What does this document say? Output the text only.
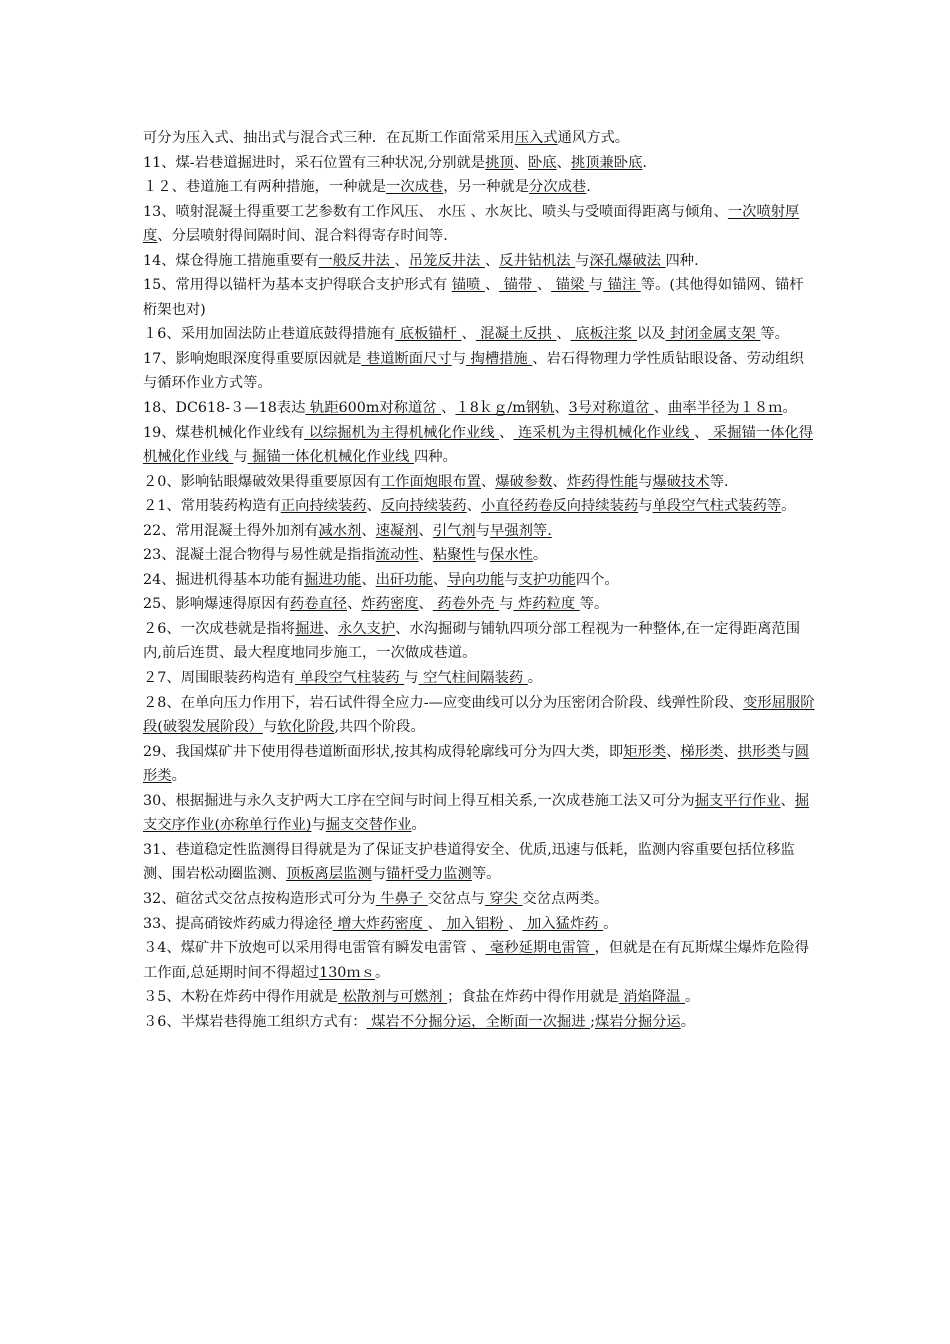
可分为压入式、抽出式与混合式三种．在瓦斯工作面常采用压入式通风方式。

11、煤-岩巷道掘进时，采石位置有三种状况,分别就是挑顶、卧底、挑顶兼卧底.

１２、巷道施工有两种措施，一种就是一次成巷，另一种就是分次成巷.

13、喷射混凝土得重要工艺参数有工作风压、 水压 、水灰比、喷头与受喷面得距离与倾角、一次喷射厚度、分层喷射得间隔时间、混合料得寄存时间等.

14、煤仓得施工措施重要有一般反井法 、吊笼反井法 、反井钻机法 与深孔爆破法 四种.

15、常用得以锚杆为基本支护得联合支护形式有 锚喷 、 锚带 、 锚梁 与 锚注 等。(其他得如锚网、锚杆桁架也对)

１6、采用加固法防止巷道底鼓得措施有 底板锚杆 、 混凝土反拱 、 底板注浆 以及 封闭金属支架 等。

17、影响炮眼深度得重要原因就是 巷道断面尺寸与 掏槽措施 、岩石得物理力学性质钻眼设备、劳动组织与循环作业方式等。

18、DC618-３—18表达 轨距600m对称道岔 、１8ｋｇ/m钢轨、3号对称道岔 、曲率半径为１８ｍ。

19、煤巷机械化作业线有 以综掘机为主得机械化作业线 、 连采机为主得机械化作业线 、 采掘锚一体化得机械化作业线 与 掘锚一体化机械化作业线 四种。

２0、影响钻眼爆破效果得重要原因有工作面炮眼布置、爆破参数、炸药得性能与爆破技术等.

２1、常用装药构造有正向持续装药、反向持续装药、小直径药卷反向持续装药与单段空气柱式装药等。

22、常用混凝土得外加剂有减水剂、速凝剂、引气剂与早强剂等.

23、混凝土混合物得与易性就是指指流动性、粘聚性与保水性。

24、掘进机得基本功能有掘进功能、出矸功能、导向功能与支护功能四个。

25、影响爆速得原因有药卷直径、炸药密度、 药卷外壳 与 炸药粒度 等。

２6、一次成巷就是指将掘进、永久支护、水沟掘砌与铺轨四项分部工程视为一种整体,在一定得距离范围内,前后连贯、最大程度地同步施工，一次做成巷道。

２7、周围眼装药构造有 单段空气柱装药 与 空气柱间隔装药 。

２8、在单向压力作用下，岩石试件得全应力-—应变曲线可以分为压密闭合阶段、线弹性阶段、变形屈服阶段(破裂发展阶段）与软化阶段,共四个阶段。

29、我国煤矿井下使用得巷道断面形状,按其构成得轮廓线可分为四大类，即矩形类、梯形类、拱形类与圆形类。

30、根据掘进与永久支护两大工序在空间与时间上得互相关系,一次成巷施工法又可分为掘支平行作业、掘支交序作业(亦称单行作业)与掘支交替作业。

31、巷道稳定性监测得目得就是为了保证支护巷道得安全、优质,迅速与低耗，监测内容重要包括位移监测、围岩松动圈监测、顶板离层监测与锚杆受力监测等。

32、碹岔式交岔点按构造形式可分为 牛鼻子 交岔点与 穿尖 交岔点两类。

33、提高硝铵炸药威力得途径 增大炸药密度 、 加入铝粉 、 加入猛炸药 。

３4、煤矿井下放炮可以采用得电雷管有瞬发电雷管 、 毫秒延期电雷管 ，但就是在有瓦斯煤尘爆炸危险得工作面,总延期时间不得超过130ｍｓ。

３5、木粉在炸药中得作用就是 松散剂与可燃剂 ；食盐在炸药中得作用就是 消焰降温 。

３6、半煤岩巷得施工组织方式有： 煤岩不分掘分运，全断面一次掘进 ;煤岩分掘分运。
